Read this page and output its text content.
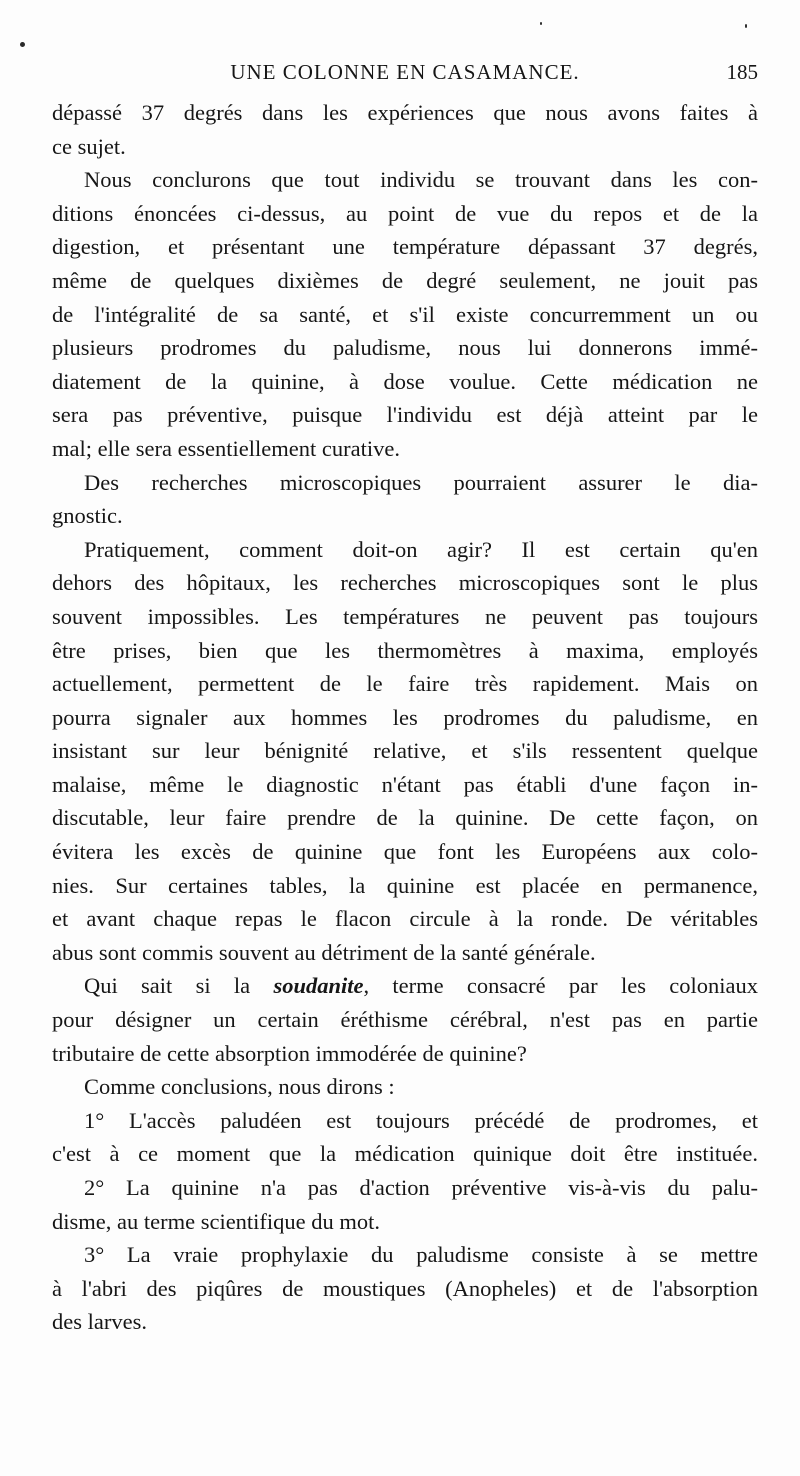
UNE COLONNE EN CASAMANCE.	185
dépassé 37 degrés dans les expériences que nous avons faites à
ce sujet.
Nous conclurons que tout individu se trouvant dans les con-
ditions énoncées ci-dessus, au point de vue du repos et de la
digestion, et présentant une température dépassant 37 degrés,
même de quelques dixièmes de degré seulement, ne jouit pas
de l'intégralité de sa santé, et s'il existe concurremment un ou
plusieurs prodromes du paludisme, nous lui donnerons immé-
diatement de la quinine, à dose voulue. Cette médication ne
sera pas préventive, puisque l'individu est déjà atteint par le
mal; elle sera essentiellement curative.
Des recherches microscopiques pourraient assurer le dia-
gnostic.
Pratiquement, comment doit-on agir? Il est certain qu'en
dehors des hôpitaux, les recherches microscopiques sont le plus
souvent impossibles. Les températures ne peuvent pas toujours
être prises, bien que les thermomètres à maxima, employés
actuellement, permettent de le faire très rapidement. Mais on
pourra signaler aux hommes les prodromes du paludisme, en
insistant sur leur bénignité relative, et s'ils ressentent quelque
malaise, même le diagnostic n'étant pas établi d'une façon in-
discutable, leur faire prendre de la quinine. De cette façon, on
évitera les excès de quinine que font les Européens aux colo-
nies. Sur certaines tables, la quinine est placée en permanence,
et avant chaque repas le flacon circule à la ronde. De véritables
abus sont commis souvent au détriment de la santé générale.
Qui sait si la soudanite, terme consacré par les coloniaux
pour désigner un certain éréthisme cérébral, n'est pas en partie
tributaire de cette absorption immodérée de quinine?
Comme conclusions, nous dirons :
1° L'accès paludéen est toujours précédé de prodromes, et
c'est à ce moment que la médication quinique doit être instituée.
2° La quinine n'a pas d'action préventive vis-à-vis du palu-
disme, au terme scientifique du mot.
3° La vraie prophylaxie du paludisme consiste à se mettre
à l'abri des piqûres de moustiques (Anopheles) et de l'absorption
des larves.
